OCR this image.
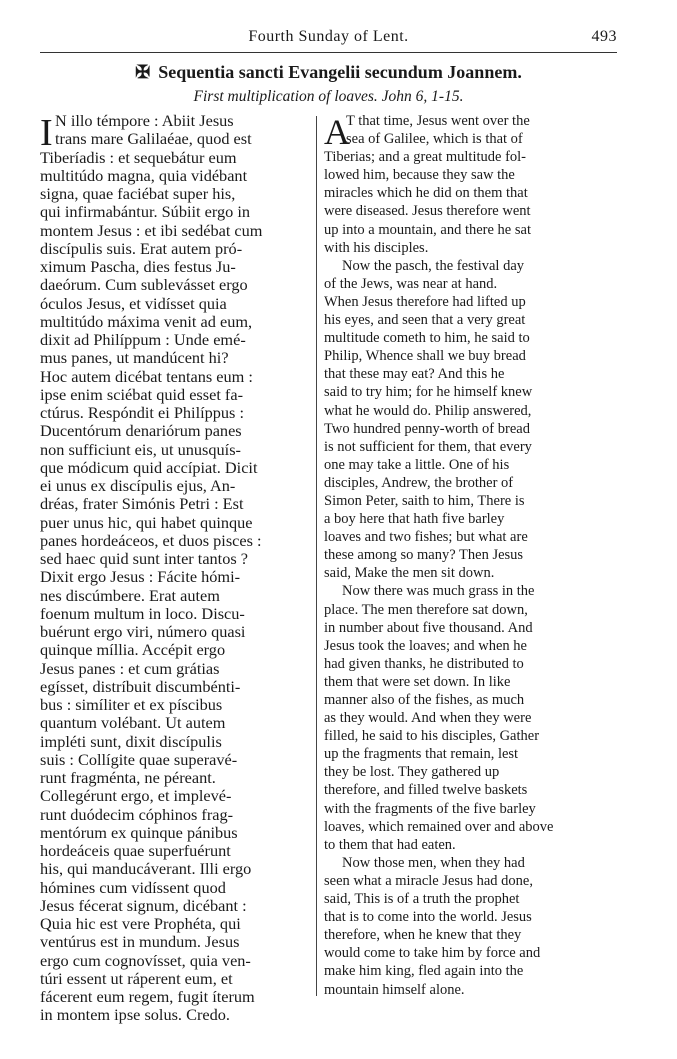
Fourth Sunday of Lent.	493
✠ Sequentia sancti Evangelii secundum Joannem.
First multiplication of loaves. John 6, 1-15.
I N illo témpore : Abiit Jesus
trans mare Galilaéae, quod est
Tiberíadis : et sequebátur eum
multitúdo magna, quia vidébant
signa, quae faciébat super his,
qui infirmabántur. Súbiit ergo in
montem Jesus : et ibi sedébat cum
discípulis suis. Erat autem pró-
ximum Pascha, dies festus Ju-
daeórum. Cum sublevásset ergo
óculos Jesus, et vidísset quia
multitúdo máxima venit ad eum,
dixit ad Philíppum : Unde emé-
mus panes, ut mandúcent hi?
Hoc autem dicébat tentans eum :
ipse enim sciébat quid esset fa-
ctúrus. Respóndit ei Philíppus :
Ducentórum denariórum panes
non sufficiunt eis, ut unusquís-
que módicum quid accípiat. Dicit
ei unus ex discípulis ejus, An-
dréas, frater Simónis Petri : Est
puer unus hic, qui habet quinque
panes hordeáceos, et duos pisces :
sed haec quid sunt inter tantos ?
Dixit ergo Jesus : Fácite hómi-
nes discúmbere. Erat autem
foenum multum in loco. Discu-
buérunt ergo viri, número quasi
quinque míllia. Accépit ergo
Jesus panes : et cum grátias
egísset, distríbuit discumbénti-
bus : simíliter et ex píscibus
quantum volébant. Ut autem
impléti sunt, dixit discípulis
suis : Collígite quae superavé-
runt fragménta, ne péreant.
Collegérunt ergo, et implevé-
runt duódecim cóphinos frag-
mentórum ex quinque pánibus
hordeáceis quae superfuérunt
his, qui manducáverant. Illi ergo
hómines cum vidíssent quod
Jesus fécerat signum, dicébant :
Quia hic est vere Prophéta, qui
ventúrus est in mundum. Jesus
ergo cum cognovísset, quia ven-
túri essent ut ráperent eum, et
fácerent eum regem, fugit íterum
in montem ipse solus. Credo.
A
T that time, Jesus went over the
sea of Galilee, which is that of
Tiberias; and a great multitude fol-
lowed him, because they saw the
miracles which he did on them that
were diseased. Jesus therefore went
up into a mountain, and there he sat
with his disciples.
Now the pasch, the festival day
of the Jews, was near at hand.
When Jesus therefore had lifted up
his eyes, and seen that a very great
multitude cometh to him, he said to
Philip, Whence shall we buy bread
that these may eat? And this he
said to try him; for he himself knew
what he would do. Philip answered,
Two hundred penny-worth of bread
is not sufficient for them, that every
one may take a little. One of his
disciples, Andrew, the brother of
Simon Peter, saith to him, There is
a boy here that hath five barley
loaves and two fishes; but what are
these among so many? Then Jesus
said, Make the men sit down.
Now there was much grass in the
place. The men therefore sat down,
in number about five thousand. And
Jesus took the loaves; and when he
had given thanks, he distributed to
them that were set down. In like
manner also of the fishes, as much
as they would. And when they were
filled, he said to his disciples, Gather
up the fragments that remain, lest
they be lost. They gathered up
therefore, and filled twelve baskets
with the fragments of the five barley
loaves, which remained over and above
to them that had eaten.
Now those men, when they had
seen what a miracle Jesus had done,
said, This is of a truth the prophet
that is to come into the world. Jesus
therefore, when he knew that they
would come to take him by force and
make him king, fled again into the
mountain himself alone.
